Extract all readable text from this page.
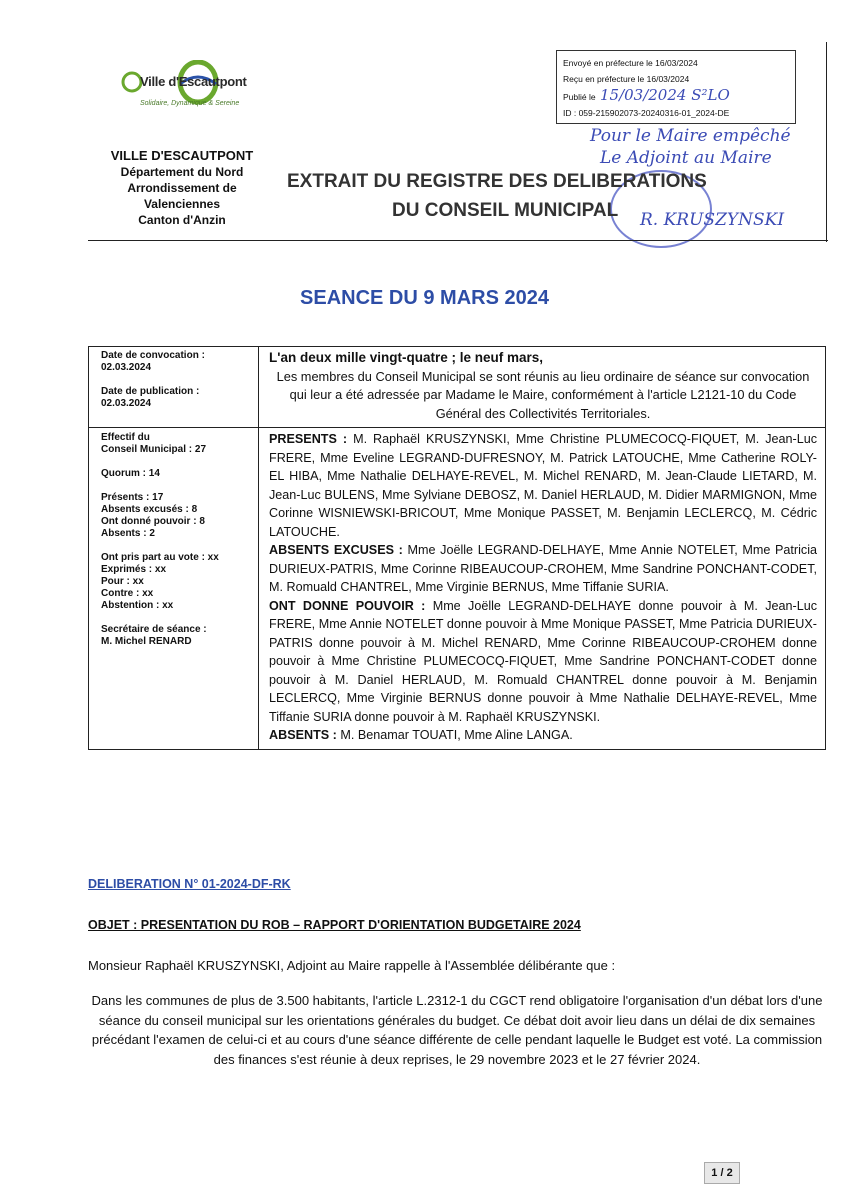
Ville d'Escautpont
Solidaire, Dynamique & Sereine
Envoyé en préfecture le 16/03/2024
Reçu en préfecture le 16/03/2024
Publié le 15/03/2024 S²LO
ID : 059-215902073-20240316-01_2024-DE
Pour le Maire empêché
Le Adjoint au Maire
R. KRUSZYNSKI
VILLE D'ESCAUTPONT
Département du Nord
Arrondissement de
Valenciennes
Canton d'Anzin
EXTRAIT DU REGISTRE DES DELIBERATIONS
DU CONSEIL MUNICIPAL
SEANCE DU 9 MARS 2024

Date de convocation :

02.03.2024

Date de publication :

02.03.2024

L'an deux mille vingt-quatre ; le neuf mars,

Les membres du Conseil Municipal se sont réunis au lieu ordinaire de séance sur convocation qui leur a été adressée par Madame le Maire, conformément à l'article L2121-10 du Code Général des Collectivités Territoriales.

Effectif du

Conseil Municipal : 27

Quorum : 14

Présents : 17

Absents excusés : 8

Ont donné pouvoir : 8

Absents : 2

Ont pris part au vote : xx

Exprimés : xx

Pour : xx

Contre : xx

Abstention : xx

Secrétaire de séance :

M. Michel RENARD

PRESENTS : M. Raphaël KRUSZYNSKI, Mme Christine PLUMECOCQ-FIQUET, M. Jean-Luc FRERE, Mme Eveline LEGRAND-DUFRESNOY, M. Patrick LATOUCHE, Mme Catherine ROLY-EL HIBA, Mme Nathalie DELHAYE-REVEL, M. Michel RENARD, M. Jean-Claude LIETARD, M. Jean-Luc BULENS, Mme Sylviane DEBOSZ, M. Daniel HERLAUD, M. Didier MARMIGNON, Mme Corinne WISNIEWSKI-BRICOUT, Mme Monique PASSET, M. Benjamin LECLERCQ, M. Cédric LATOUCHE.

ABSENTS EXCUSES : Mme Joëlle LEGRAND-DELHAYE, Mme Annie NOTELET, Mme Patricia DURIEUX-PATRIS, Mme Corinne RIBEAUCOUP-CROHEM, Mme Sandrine PONCHANT-CODET, M. Romuald CHANTREL, Mme Virginie BERNUS, Mme Tiffanie SURIA.

ONT DONNE POUVOIR : Mme Joëlle LEGRAND-DELHAYE donne pouvoir à M. Jean-Luc FRERE, Mme Annie NOTELET donne pouvoir à Mme Monique PASSET, Mme Patricia DURIEUX-PATRIS donne pouvoir à M. Michel RENARD, Mme Corinne RIBEAUCOUP-CROHEM donne pouvoir à Mme Christine PLUMECOCQ-FIQUET, Mme Sandrine PONCHANT-CODET donne pouvoir à M. Daniel HERLAUD, M. Romuald CHANTREL donne pouvoir à M. Benjamin LECLERCQ, Mme Virginie BERNUS donne pouvoir à Mme Nathalie DELHAYE-REVEL, Mme Tiffanie SURIA donne pouvoir à M. Raphaël KRUSZYNSKI.

ABSENTS : M. Benamar TOUATI, Mme Aline LANGA.

DELIBERATION N° 01-2024-DF-RK
OBJET : PRESENTATION DU ROB – RAPPORT D'ORIENTATION BUDGETAIRE 2024
Monsieur Raphaël KRUSZYNSKI, Adjoint au Maire rappelle à l'Assemblée délibérante que :
Dans les communes de plus de 3.500 habitants, l'article L.2312-1 du CGCT rend obligatoire l'organisation d'un débat lors d'une séance du conseil municipal sur les orientations générales du budget. Ce débat doit avoir lieu dans un délai de dix semaines précédant l'examen de celui-ci et au cours d'une séance différente de celle pendant laquelle le Budget est voté. La commission des finances s'est réunie à deux reprises, le 29 novembre 2023 et le 27 février 2024.
1 / 2
